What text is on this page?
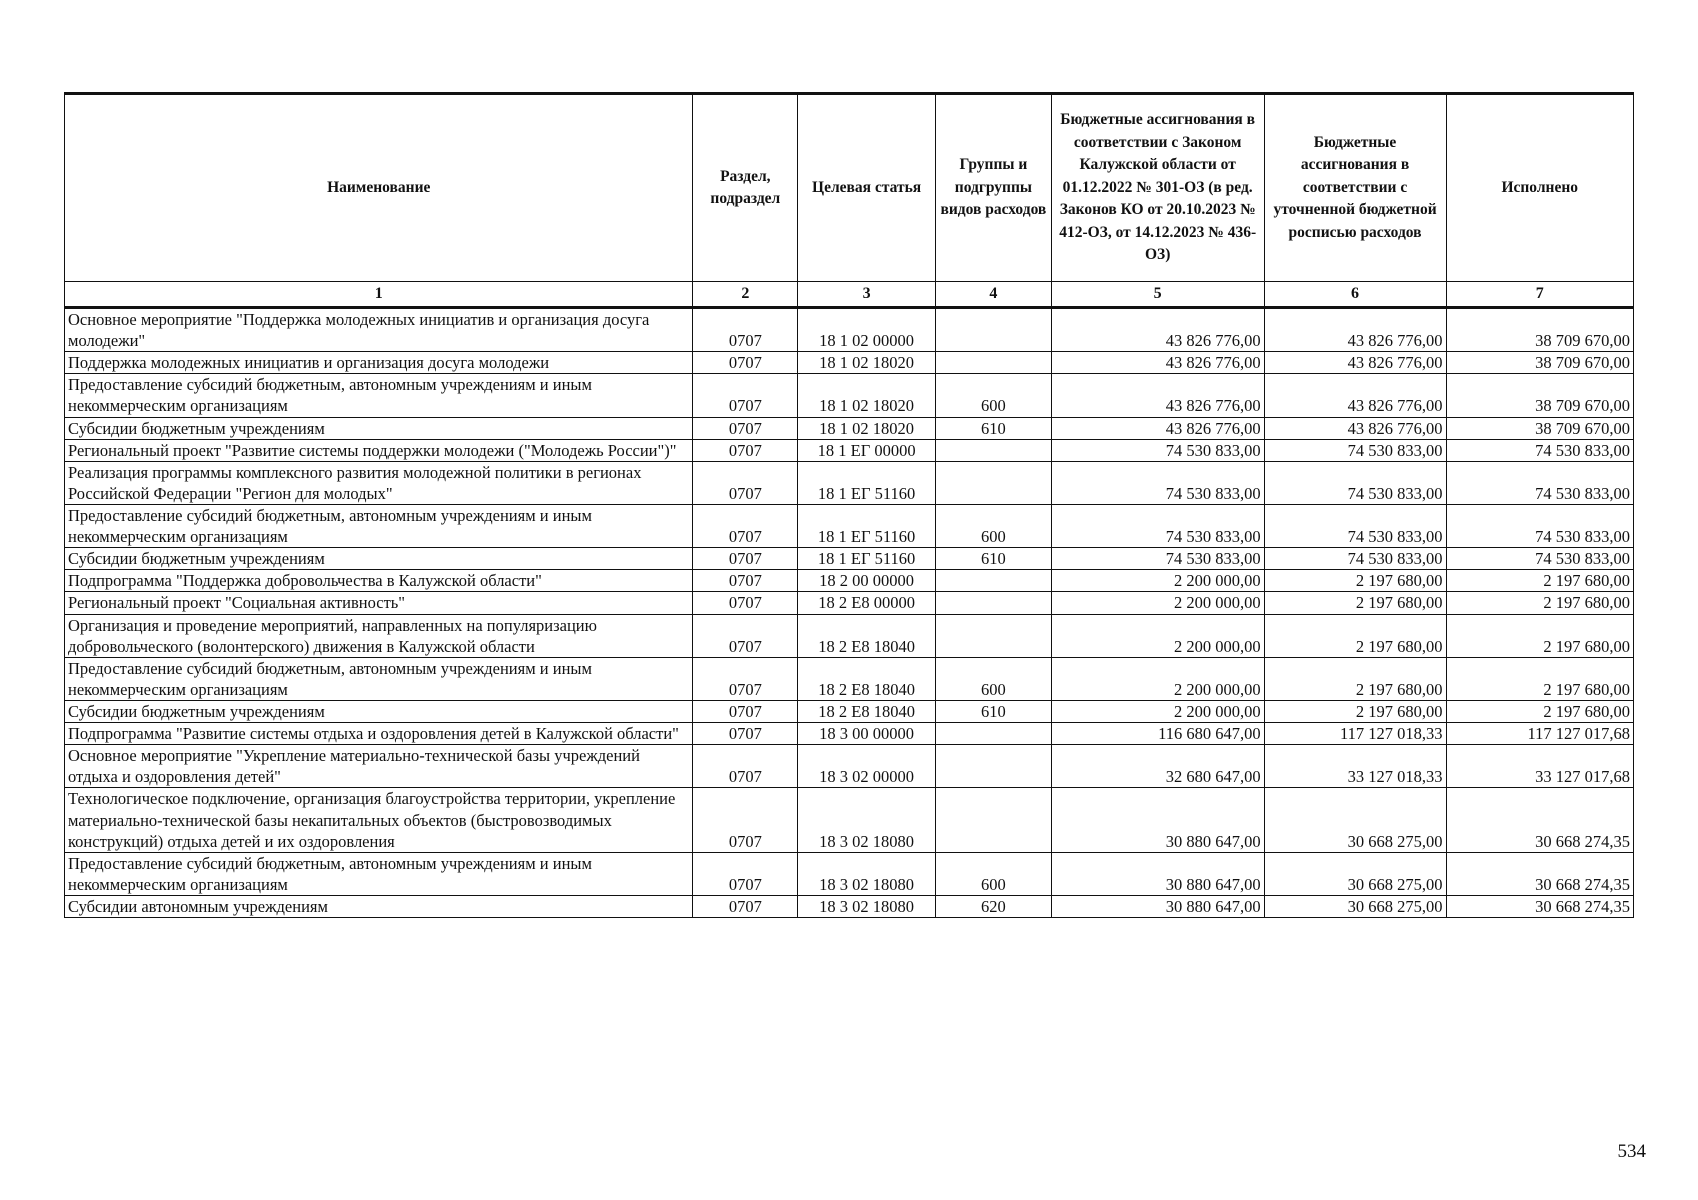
Наименование	Раздел, подраздел	Целевая статья	Группы и подгруппы видов расходов	Бюджетные ассигнования в соответствии с Законом Калужской области от 01.12.2022 № 301-ОЗ (в ред. Законов КО от 20.10.2023 № 412-ОЗ, от 14.12.2023 № 436-ОЗ)	Бюджетные ассигнования в соответствии с уточненной бюджетной росписью расходов	Исполнено
1	2	3	4	5	6	7
Основное мероприятие "Поддержка молодежных инициатив и организация досуга молодежи"	0707	18 1 02 00000		43 826 776,00	43 826 776,00	38 709 670,00
Поддержка молодежных инициатив и организация досуга молодежи	0707	18 1 02 18020		43 826 776,00	43 826 776,00	38 709 670,00
Предоставление субсидий бюджетным, автономным учреждениям и иным некоммерческим организациям	0707	18 1 02 18020	600	43 826 776,00	43 826 776,00	38 709 670,00
Субсидии бюджетным учреждениям	0707	18 1 02 18020	610	43 826 776,00	43 826 776,00	38 709 670,00
Региональный проект "Развитие системы поддержки молодежи ("Молодежь России")"	0707	18 1 ЕГ 00000		74 530 833,00	74 530 833,00	74 530 833,00
Реализация программы комплексного развития молодежной политики в регионах Российской Федерации "Регион для молодых"	0707	18 1 ЕГ 51160		74 530 833,00	74 530 833,00	74 530 833,00
Предоставление субсидий бюджетным, автономным учреждениям и иным некоммерческим организациям	0707	18 1 ЕГ 51160	600	74 530 833,00	74 530 833,00	74 530 833,00
Субсидии бюджетным учреждениям	0707	18 1 ЕГ 51160	610	74 530 833,00	74 530 833,00	74 530 833,00
Подпрограмма "Поддержка добровольчества в Калужской области"	0707	18 2 00 00000		2 200 000,00	2 197 680,00	2 197 680,00
Региональный проект "Социальная активность"	0707	18 2 Е8 00000		2 200 000,00	2 197 680,00	2 197 680,00
Организация и проведение мероприятий, направленных на популяризацию добровольческого (волонтерского) движения в Калужской области	0707	18 2 Е8 18040		2 200 000,00	2 197 680,00	2 197 680,00
Предоставление субсидий бюджетным, автономным учреждениям и иным некоммерческим организациям	0707	18 2 Е8 18040	600	2 200 000,00	2 197 680,00	2 197 680,00
Субсидии бюджетным учреждениям	0707	18 2 Е8 18040	610	2 200 000,00	2 197 680,00	2 197 680,00
Подпрограмма "Развитие системы отдыха и оздоровления детей в Калужской области"	0707	18 3 00 00000		116 680 647,00	117 127 018,33	117 127 017,68
Основное мероприятие "Укрепление материально-технической базы учреждений отдыха и оздоровления детей"	0707	18 3 02 00000		32 680 647,00	33 127 018,33	33 127 017,68
Технологическое подключение, организация благоустройства территории, укрепление материально-технической базы некапитальных объектов (быстровозводимых конструкций) отдыха детей и их оздоровления	0707	18 3 02 18080		30 880 647,00	30 668 275,00	30 668 274,35
Предоставление субсидий бюджетным, автономным учреждениям и иным некоммерческим организациям	0707	18 3 02 18080	600	30 880 647,00	30 668 275,00	30 668 274,35
Субсидии автономным учреждениям	0707	18 3 02 18080	620	30 880 647,00	30 668 275,00	30 668 274,35
534
